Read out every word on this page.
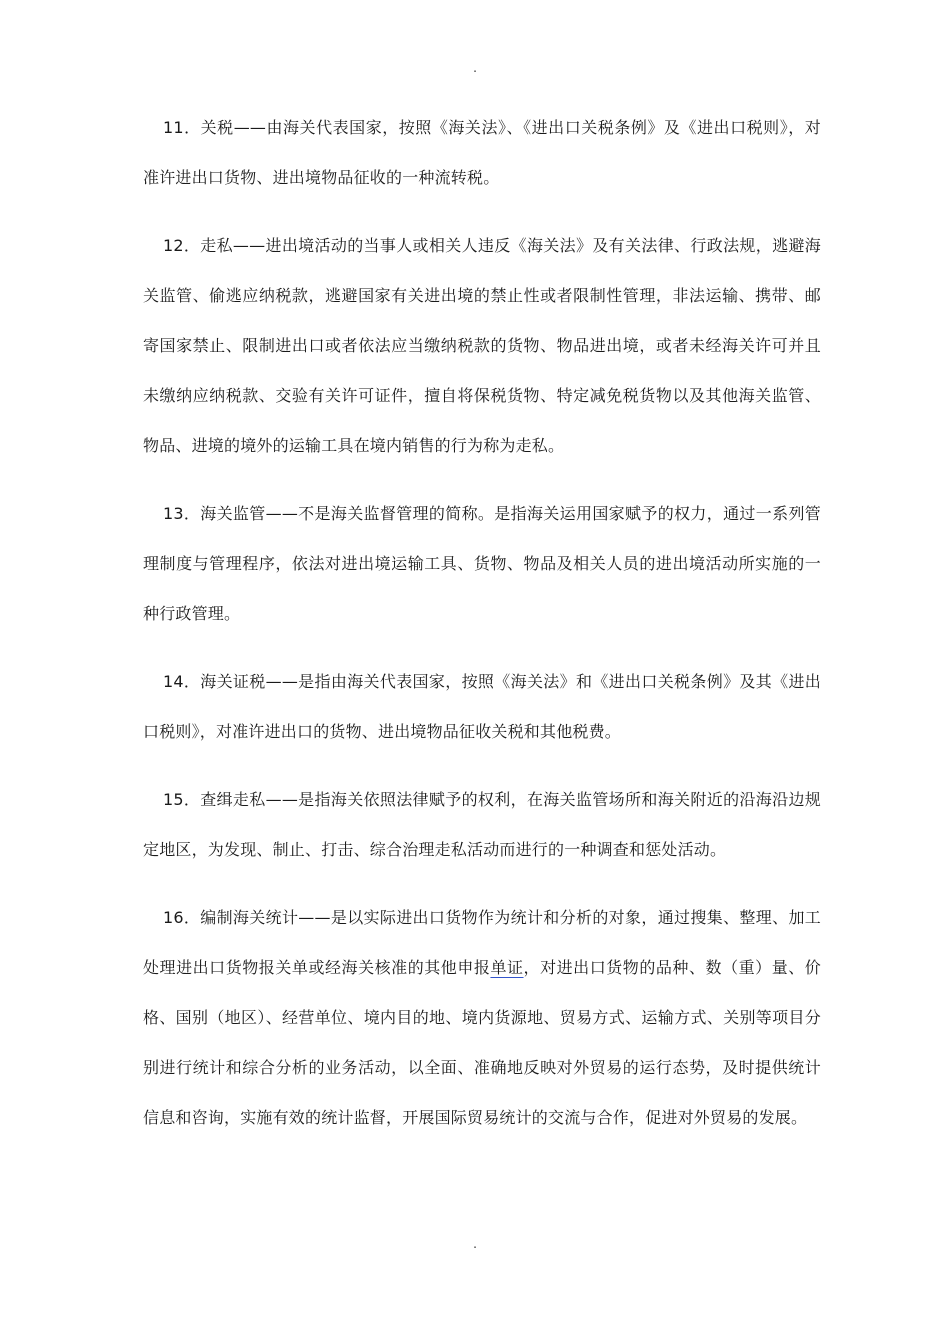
.

11．关税——由海关代表国家，按照《海关法》、《进出口关税条例》及《进出口税则》，对准许进出口货物、进出境物品征收的一种流转税。

12．走私——进出境活动的当事人或相关人违反《海关法》及有关法律、行政法规，逃避海关监管、偷逃应纳税款，逃避国家有关进出境的禁止性或者限制性管理，非法运输、携带、邮寄国家禁止、限制进出口或者依法应当缴纳税款的货物、物品进出境，或者未经海关许可并且未缴纳应纳税款、交验有关许可证件，擅自将保税货物、特定减免税货物以及其他海关监管、物品、进境的境外的运输工具在境内销售的行为称为走私。

13．海关监管——不是海关监督管理的简称。是指海关运用国家赋予的权力，通过一系列管理制度与管理程序，依法对进出境运输工具、货物、物品及相关人员的进出境活动所实施的一种行政管理。

14．海关证税——是指由海关代表国家，按照《海关法》和《进出口关税条例》及其《进出口税则》，对准许进出口的货物、进出境物品征收关税和其他税费。

15．查缉走私——是指海关依照法律赋予的权利，在海关监管场所和海关附近的沿海沿边规定地区，为发现、制止、打击、综合治理走私活动而进行的一种调查和惩处活动。

16．编制海关统计——是以实际进出口货物作为统计和分析的对象，通过搜集、整理、加工处理进出口货物报关单或经海关核准的其他申报单证，对进出口货物的品种、数（重）量、价格、国别（地区）、经营单位、境内目的地、境内货源地、贸易方式、运输方式、关别等项目分别进行统计和综合分析的业务活动，以全面、准确地反映对外贸易的运行态势，及时提供统计信息和咨询，实施有效的统计监督，开展国际贸易统计的交流与合作，促进对外贸易的发展。

.
